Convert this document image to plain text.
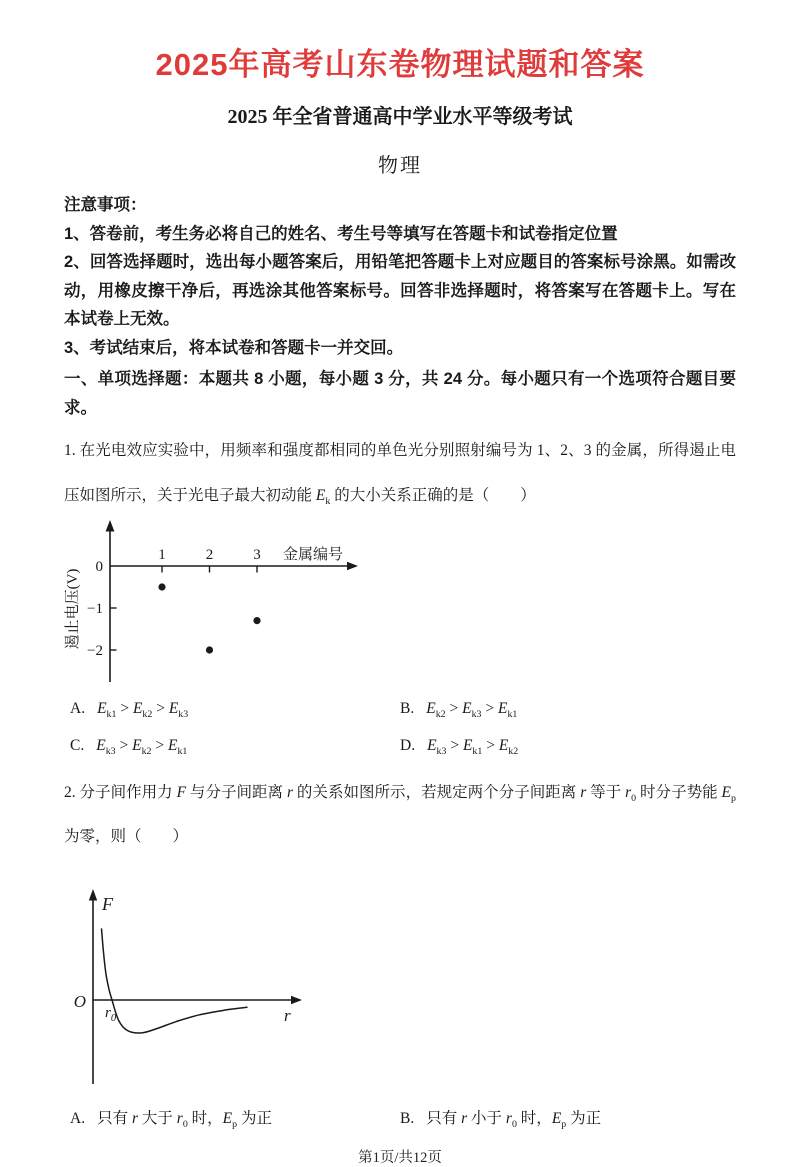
2025年高考山东卷物理试题和答案
2025 年全省普通高中学业水平等级考试
物理

注意事项：

1、答卷前，考生务必将自己的姓名、考生号等填写在答题卡和试卷指定位置

2、回答选择题时，选出每小题答案后，用铅笔把答题卡上对应题目的答案标号涂黑。如需改动，用橡皮擦干净后，再选涂其他答案标号。回答非选择题时，将答案写在答题卡上。写在本试卷上无效。

3、考试结束后，将本试卷和答题卡一并交回。

一、单项选择题：本题共 8 小题，每小题 3 分，共 24 分。每小题只有一个选项符合题目要求。

1. 在光电效应实验中，用频率和强度都相同的单色光分别照射编号为 1、2、3 的金属，所得遏止电压如图所示，关于光电子最大初动能 $E_k$ 的大小关系正确的是（　　）

1	2	3 金属编号
遏止电压(V)
0
−1
−2
A. $E_{k1} > E_{k2} > E_{k3}$	B. $E_{k2} > E_{k3} > E_{k1}$
C. $E_{k3} > E_{k2} > E_{k1}$	D. $E_{k3} > E_{k1} > E_{k2}$

2. 分子间作用力 F 与分子间距离 r 的关系如图所示，若规定两个分子间距离 r 等于 $r_0$ 时分子势能 $E_p$ 为零，则（　　）

F
O
r
$r_0$
A. 只有 r 大于 $r_0$ 时，$E_p$ 为正	B. 只有 r 小于 $r_0$ 时，$E_p$ 为正
第1页/共12页
